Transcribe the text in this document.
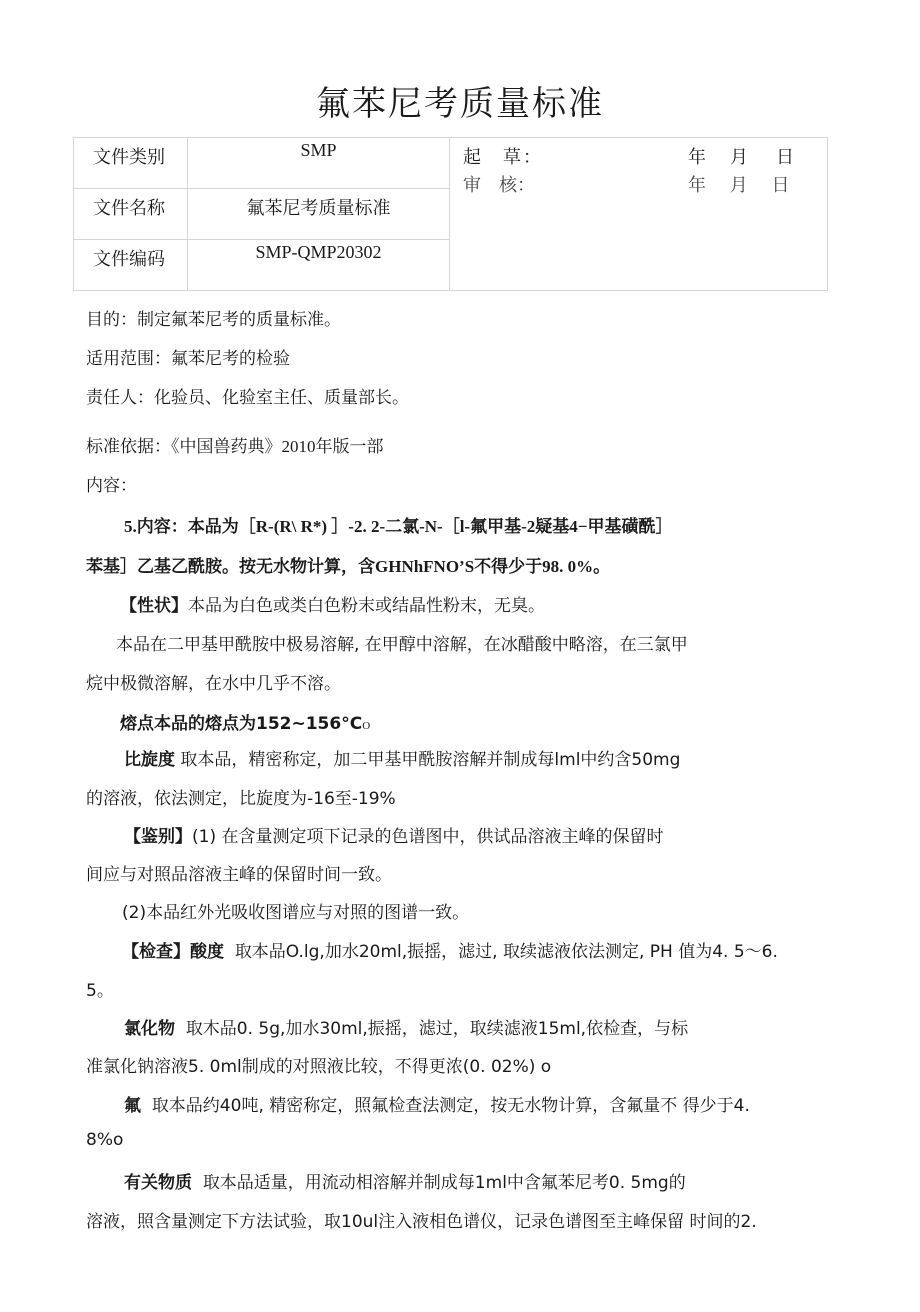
氟苯尼考质量标准
文件类别
文件名称
文件编码
SMP
氟苯尼考质量标准
SMP-QMP20302
起　草：	年 月 日
审　核：	年　 月　 日
目的：制定氟苯尼考的质量标准。
适用范围：氟苯尼考的检验
责任人：化验员、化验室主任、质量部长。
标准依据：《中国兽药典》2010年版一部
内容：
5.内容：本品为［R-(R\ R*) ］-2. 2-二氯-N-［l-氟甲基-2疑基4−甲基磺酰］
苯基］乙基乙酰胺。按无水物计算，含GHNhFNO’S不得少于98. 0%。
【性状】本品为白色或类白色粉末或结晶性粉末，无臭。
本品在二甲基甲酰胺中极易溶解, 在甲醇中溶解，在冰醋酸中略溶，在三氯甲
烷中极微溶解，在水中几乎不溶。
熔点本品的熔点为152~156°CO
比旋度 取本品，精密称定，加二甲基甲酰胺溶解并制成每lml中约含50mg
的溶液，依法测定，比旋度为-16至-19%
【鉴别】(1) 在含量测定项下记录的色谱图中，供试品溶液主峰的保留时
间应与对照品溶液主峰的保留时间一致。
(2)本品红外光吸收图谱应与对照的图谱一致。
【检查】酸度 取本品O.lg,加水20ml,振摇，滤过, 取续滤液依法测定, PH 值为4. 5～6.
5。
氯化物 取木品0. 5g,加水30ml,振摇，滤过，取续滤液15ml,依检查，与标
准氯化钠溶液5. 0ml制成的对照液比较，不得更浓(0. 02%) o
氟 取本品约40吨, 精密称定，照氟检查法测定，按无水物计算，含氟量不 得少于4.
8%o
有关物质 取本品适量，用流动相溶解并制成每1ml中含氟苯尼考0. 5mg的
溶液，照含量测定下方法试验，取10ul注入液相色谱仪，记录色谱图至主峰保留 时间的2.
